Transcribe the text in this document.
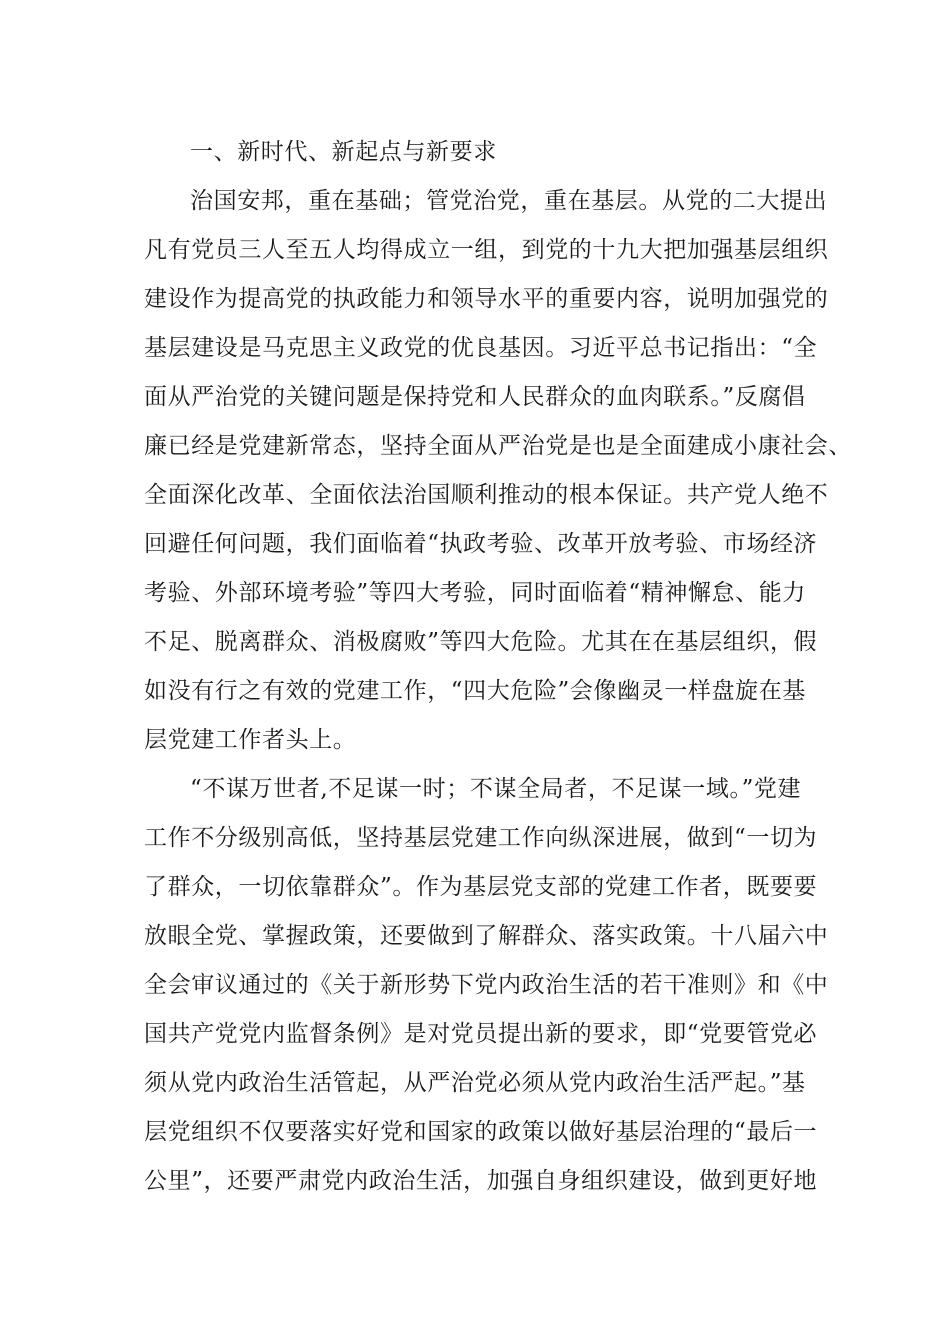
一、新时代、新起点与新要求
治国安邦，重在基础；管党治党，重在基层。从党的二大提出
凡有党员三人至五人均得成立一组，到党的十九大把加强基层组织
建设作为提高党的执政能力和领导水平的重要内容，说明加强党的
基层建设是马克思主义政党的优良基因。习近平总书记指出：“全
面从严治党的关键问题是保持党和人民群众的血肉联系。”反腐倡
廉已经是党建新常态，坚持全面从严治党是也是全面建成小康社会、
全面深化改革、全面依法治国顺利推动的根本保证。共产党人绝不
回避任何问题，我们面临着“执政考验、改革开放考验、市场经济
考验、外部环境考验”等四大考验，同时面临着“精神懈怠、能力
不足、脱离群众、消极腐败”等四大危险。尤其在在基层组织，假
如没有行之有效的党建工作，“四大危险”会像幽灵一样盘旋在基
层党建工作者头上。
“不谋万世者,不足谋一时；不谋全局者，不足谋一域。”党建
工作不分级别高低，坚持基层党建工作向纵深进展，做到“一切为
了群众，一切依靠群众”。作为基层党支部的党建工作者，既要要
放眼全党、掌握政策，还要做到了解群众、落实政策。十八届六中
全会审议通过的《关于新形势下党内政治生活的若干准则》和《中
国共产党党内监督条例》是对党员提出新的要求，即“党要管党必
须从党内政治生活管起，从严治党必须从党内政治生活严起。”基
层党组织不仅要落实好党和国家的政策以做好基层治理的“最后一
公里”，还要严肃党内政治生活，加强自身组织建设，做到更好地
